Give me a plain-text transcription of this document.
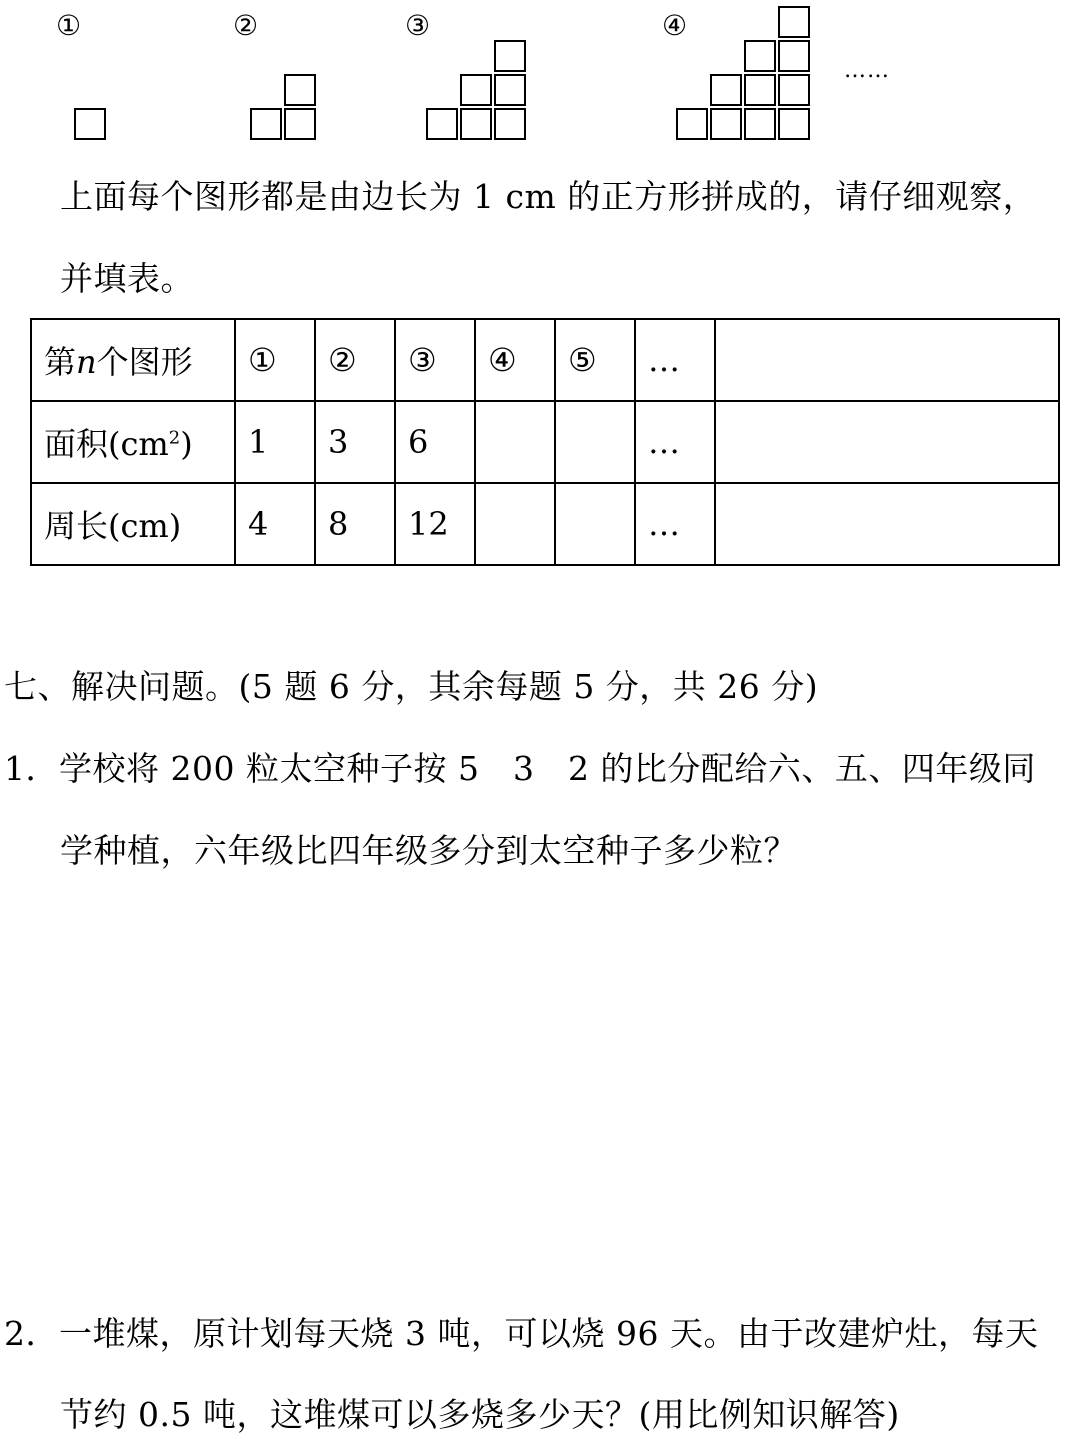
①	②	③	④
……
上面每个图形都是由边长为 1 cm 的正方形拼成的，请仔细观察，
并填表。
第n个图形	①	②	③	④	⑤	…	
面积$(cm^2)$	1	3	6			…	
周长(cm)	4	8	12			…	
七、解决问题。(5 题 6 分，其余每题 5 分，共 26 分)
1．学校将 200 粒太空种子按 5　3　2 的比分配给六、五、四年级同
学种植，六年级比四年级多分到太空种子多少粒？
2．一堆煤，原计划每天烧 3 吨，可以烧 96 天。由于改建炉灶，每天
节约 0.5 吨，这堆煤可以多烧多少天？(用比例知识解答)
